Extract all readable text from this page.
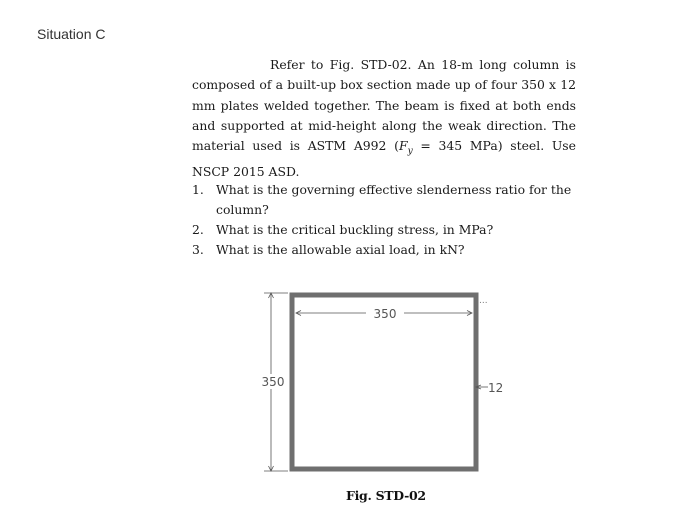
Situation C
Refer to Fig. STD-02. An 18-m long column is composed of a built-up box section made up of four 350 x 12 mm plates welded together. The beam is fixed at both ends and supported at mid-height along the weak direction. The material used is ASTM A992 ($F_y = 345$ MPa) steel. Use NSCP 2015 ASD.
1. What is the governing effective slenderness ratio for the column?
2. What is the critical buckling stress, in MPa?
3. What is the allowable axial load, in kN?
350
350	12
...
Fig. STD-02
